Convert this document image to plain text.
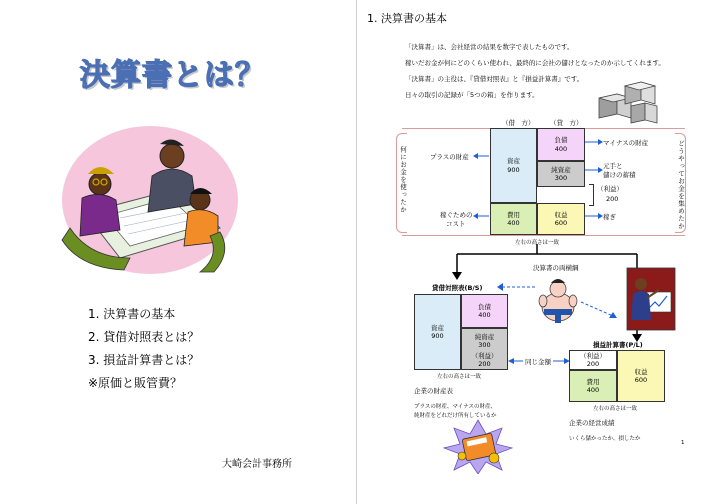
決算書とは？
1. 決算書の基本
2. 貸借対照表とは？
3. 損益計算書とは？
※原価と販管費？
大崎会計事務所
1. 決算書の基本
「決算書」は、会社経営の結果を数字で表したものです。
稼いだお金が何にどのくらい使われ、最終的に会社の儲けとなったのか示してくれます。
「決算書」の主役は、『貸借対照表』と『損益計算書』です。
日々の取引の記録が「5つの箱」を作ります。
（借　方） （貸　方）
何にお金を使ったか	どうやってお金を集めたか
資産
900
費用
400
負債
400
純資産
300
収益
600
（利益）
200
プラスの財産
マイナスの財産
元手と
儲けの蓄積
稼ぐための
コスト
稼ぎ
左右の高さは一致
決算書の両横綱
貸借対照表(B/S)
資産
900
負債
400
純資産
300
（利益）
200
左右の高さは一致
同じ金額
企業の財産表
プラスの財産、マイナスの財産、
純財産をどれだけ所有しているか
損益計算書(P/L)
（利益）
200
費用
400
収益
600
左右の高さは一致
企業の経営成績
いくら儲かったか、損したか
1
